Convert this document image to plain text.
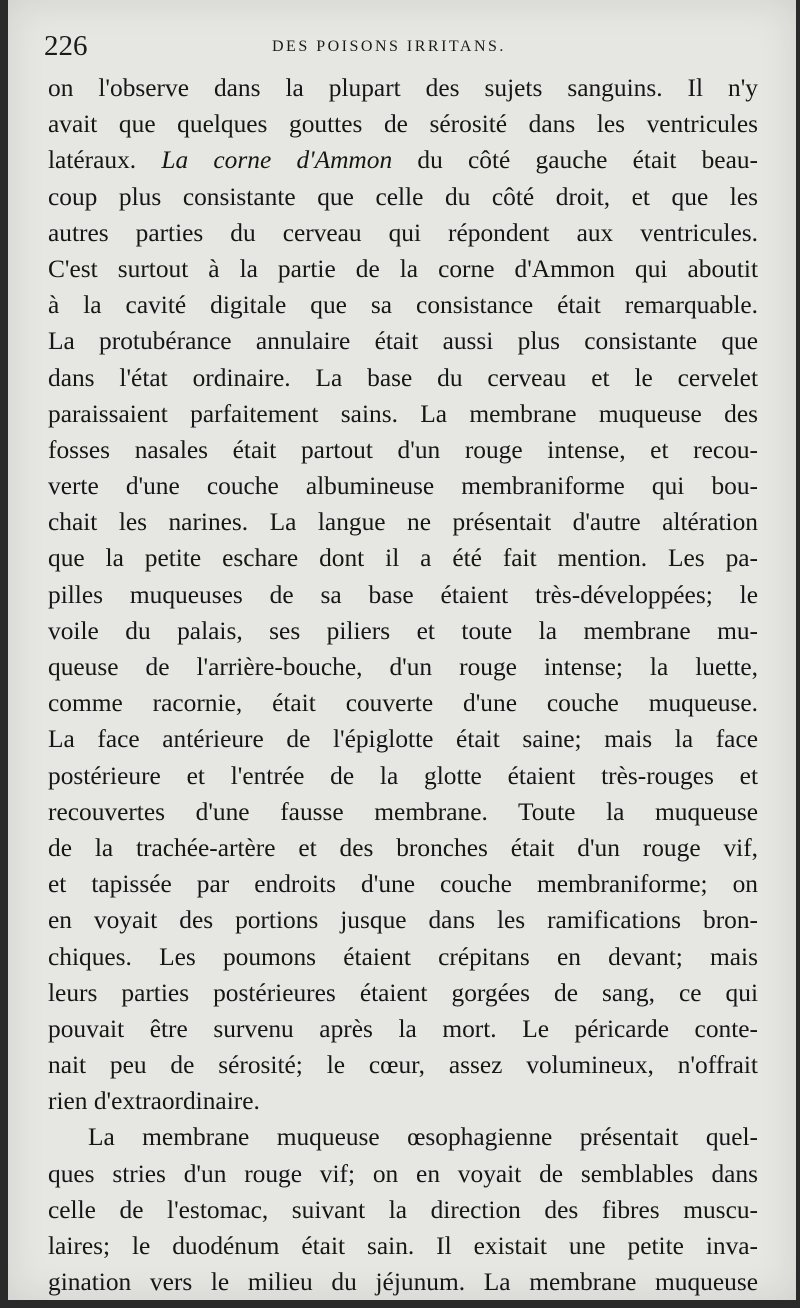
226	DES POISONS IRRITANS.
on l'observe dans la plupart des sujets sanguins. Il n'y
avait que quelques gouttes de sérosité dans les ventricules
latéraux. La corne d'Ammon du côté gauche était beau-
coup plus consistante que celle du côté droit, et que les
autres parties du cerveau qui répondent aux ventricules.
C'est surtout à la partie de la corne d'Ammon qui aboutit
à la cavité digitale que sa consistance était remarquable.
La protubérance annulaire était aussi plus consistante que
dans l'état ordinaire. La base du cerveau et le cervelet
paraissaient parfaitement sains. La membrane muqueuse des
fosses nasales était partout d'un rouge intense, et recou-
verte d'une couche albumineuse membraniforme qui bou-
chait les narines. La langue ne présentait d'autre altération
que la petite eschare dont il a été fait mention. Les pa-
pilles muqueuses de sa base étaient très-développées; le
voile du palais, ses piliers et toute la membrane mu-
queuse de l'arrière-bouche, d'un rouge intense; la luette,
comme racornie, était couverte d'une couche muqueuse.
La face antérieure de l'épiglotte était saine; mais la face
postérieure et l'entrée de la glotte étaient très-rouges et
recouvertes d'une fausse membrane. Toute la muqueuse
de la trachée-artère et des bronches était d'un rouge vif,
et tapissée par endroits d'une couche membraniforme; on
en voyait des portions jusque dans les ramifications bron-
chiques. Les poumons étaient crépitans en devant; mais
leurs parties postérieures étaient gorgées de sang, ce qui
pouvait être survenu après la mort. Le péricarde conte-
nait peu de sérosité; le cœur, assez volumineux, n'offrait
rien d'extraordinaire.
La membrane muqueuse œsophagienne présentait quel-
ques stries d'un rouge vif; on en voyait de semblables dans
celle de l'estomac, suivant la direction des fibres muscu-
laires; le duodénum était sain. Il existait une petite inva-
gination vers le milieu du jéjunum. La membrane muqueuse
